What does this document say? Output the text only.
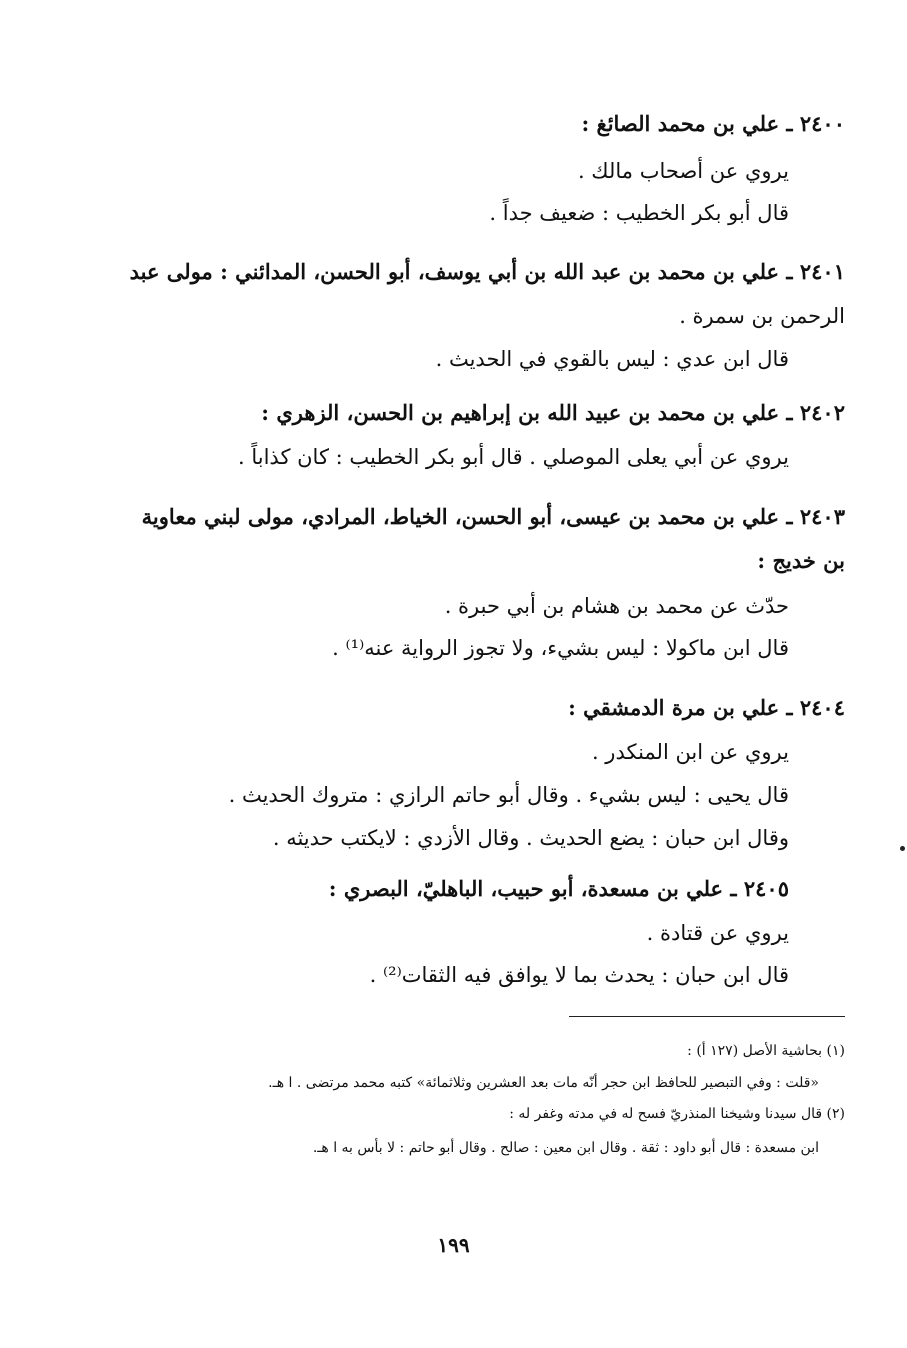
٢٤٠٠ ـ علي بن محمد الصائغ :
يروي عن أصحاب مالك .
قال أبو بكر الخطيب : ضعيف جداً .
٢٤٠١ ـ علي بن محمد بن عبد الله بن أبي يوسف، أبو الحسن، المدائني : مولى عبد
الرحمن بن سمرة .
قال ابن عدي : ليس بالقوي في الحديث .
٢٤٠٢ ـ علي بن محمد بن عبيد الله بن إبراهيم بن الحسن، الزهري :
يروي عن أبي يعلى الموصلي . قال أبو بكر الخطيب : كان كذاباً .
٢٤٠٣ ـ علي بن محمد بن عيسى، أبو الحسن، الخياط، المرادي، مولى لبني معاوية
بن خديج :
حدّث عن محمد بن هشام بن أبي حبرة .
قال ابن ماكولا : ليس بشيء، ولا تجوز الرواية عنه⁽¹⁾ .
٢٤٠٤ ـ علي بن مرة الدمشقي :
يروي عن ابن المنكدر .
قال يحيى : ليس بشيء . وقال أبو حاتم الرازي : متروك الحديث .
وقال ابن حبان : يضع الحديث . وقال الأزدي : لايكتب حديثه .
٢٤٠٥ ـ علي بن مسعدة، أبو حبيب، الباهليّ، البصري :
يروي عن قتادة .
قال ابن حبان : يحدث بما لا يوافق فيه الثقات⁽²⁾ .
(١) بحاشية الأصل (١٢٧ أ) :
«قلت : وفي التبصير للحافظ ابن حجر أنّه مات بعد العشرين وثلاثمائة» كتبه محمد مرتضى . ا هـ.
(٢) قال سيدنا وشيخنا المنذريّ فسح له في مدته وغفر له :
ابن مسعدة : قال أبو داود : ثقة . وقال ابن معين : صالح . وقال أبو حاتم : لا بأس به ا هـ.
١٩٩
